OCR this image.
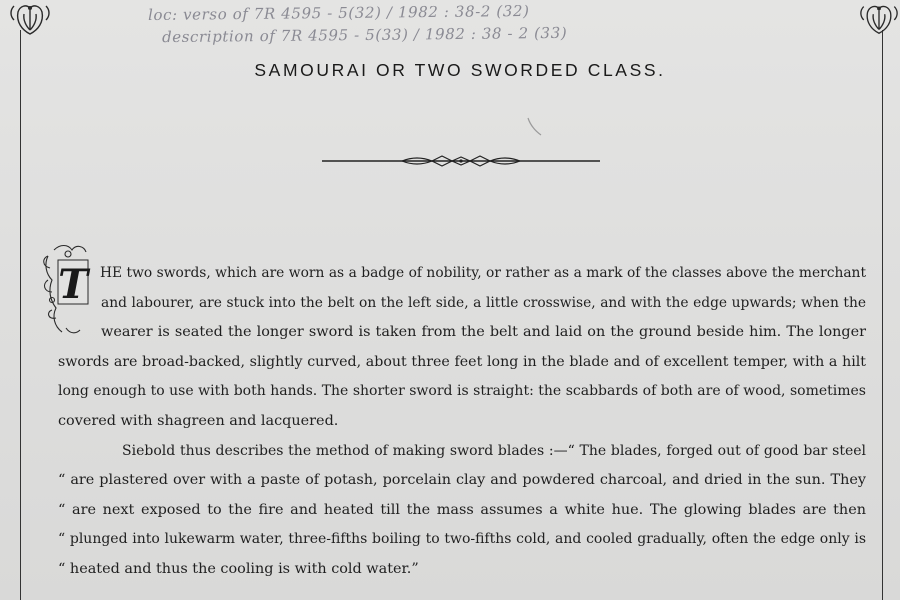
loc: verso of 7R 4595 - 5(32) / 1982 : 38-2 (32)
description of 7R 4595 - 5(33) / 1982 : 38 - 2 (33)
SAMOURAI OR TWO SWORDED CLASS.
T HE two swords, which are worn as a badge of nobility, or rather as a mark of the classes above the merchant
and labourer, are stuck into the belt on the left side, a little crosswise, and with the edge upwards; when the
wearer is seated the longer sword is taken from the belt and laid on the ground beside him. The longer
swords are broad-backed, slightly curved, about three feet long in the blade and of excellent temper, with a hilt
long enough to use with both hands. The shorter sword is straight: the scabbards of both are of wood, sometimes
covered with shagreen and lacquered.
Siebold thus describes the method of making sword blades :—“ The blades, forged out of good bar steel
“ are plastered over with a paste of potash, porcelain clay and powdered charcoal, and dried in the sun. They
“ are next exposed to the fire and heated till the mass assumes a white hue. The glowing blades are then
“ plunged into lukewarm water, three-fifths boiling to two-fifths cold, and cooled gradually, often the edge only is
“ heated and thus the cooling is with cold water.”
